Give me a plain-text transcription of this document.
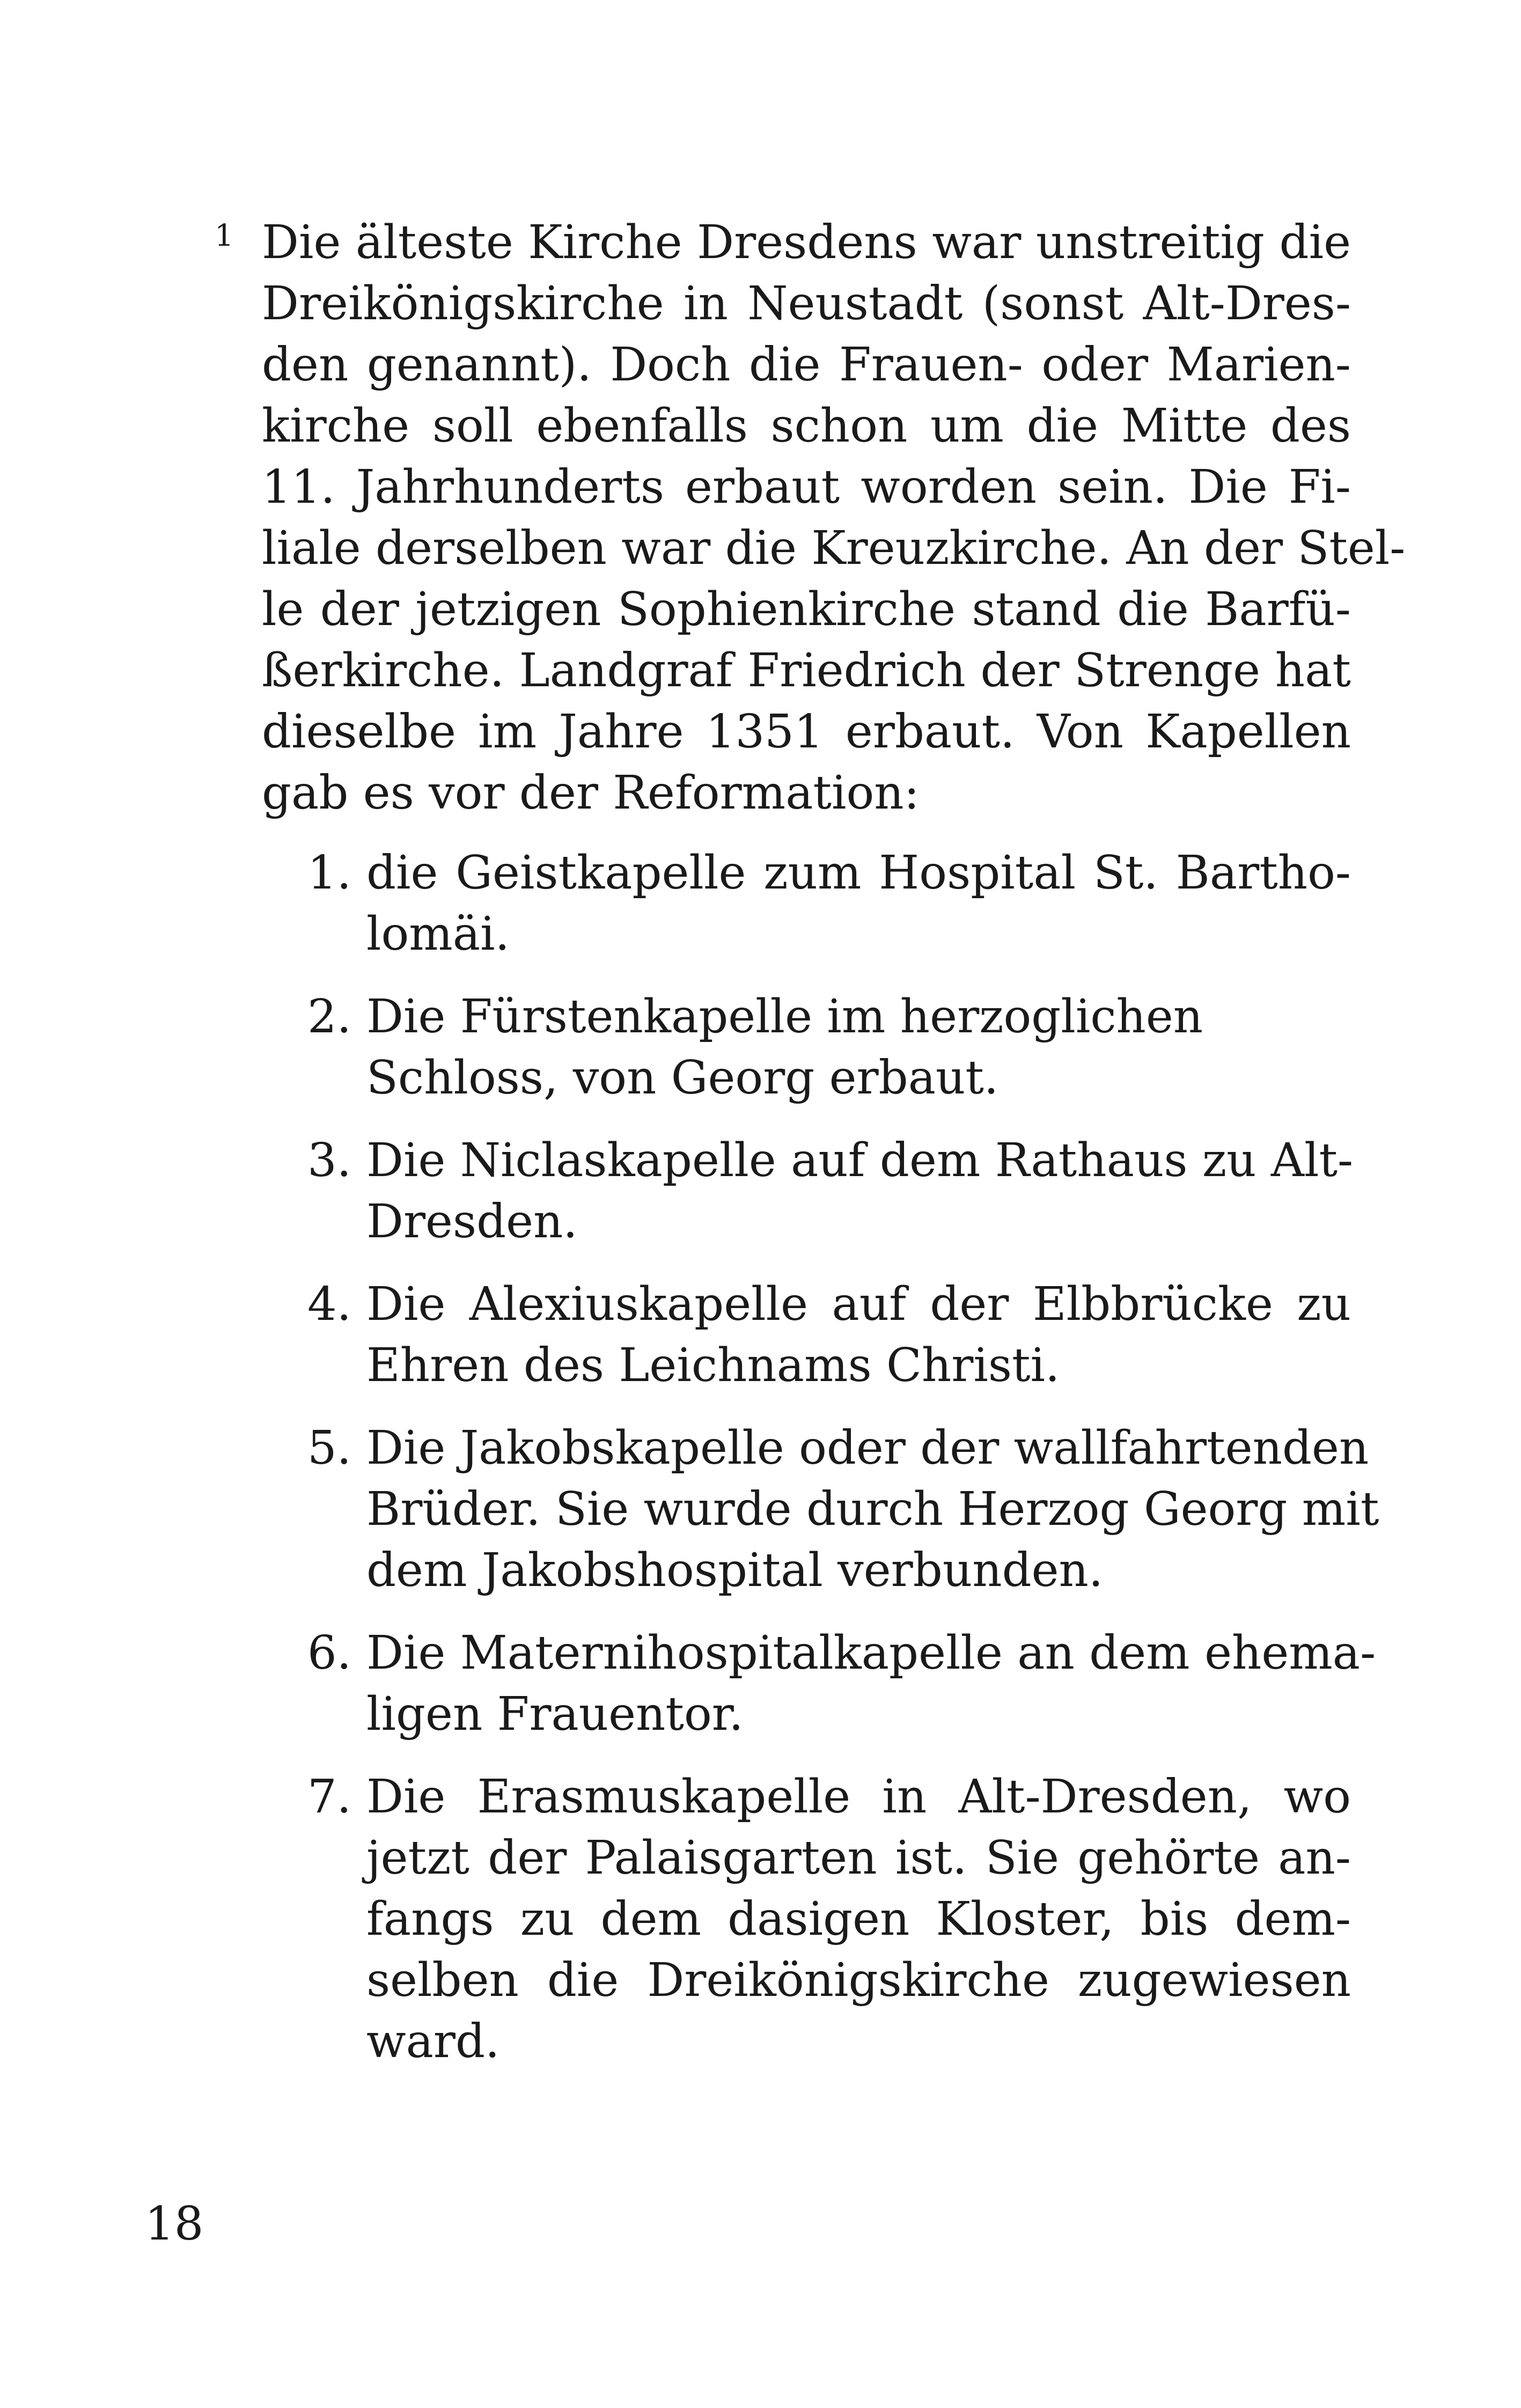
1 Die älteste Kirche Dresdens war unstreitig die
Dreikönigskirche in Neustadt (sonst Alt-Dres-
den genannt). Doch die Frauen- oder Marien-
kirche soll ebenfalls schon um die Mitte des
11. Jahrhunderts erbaut worden sein. Die Fi-
liale derselben war die Kreuzkirche. An der Stel-
le der jetzigen Sophienkirche stand die Barfü-
ßerkirche. Landgraf Friedrich der Strenge hat
dieselbe im Jahre 1351 erbaut. Von Kapellen
gab es vor der Reformation:
1. die Geistkapelle zum Hospital St. Bartho-
lomäi.
2. Die Fürstenkapelle im herzoglichen
Schloss, von Georg erbaut.
3. Die Niclaskapelle auf dem Rathaus zu Alt-
Dresden.
4. Die Alexiuskapelle auf der Elbbrücke zu
Ehren des Leichnams Christi.
5. Die Jakobskapelle oder der wallfahrtenden
Brüder. Sie wurde durch Herzog Georg mit
dem Jakobshospital verbunden.
6. Die Maternihospitalkapelle an dem ehema-
ligen Frauentor.
7. Die Erasmuskapelle in Alt-Dresden, wo
jetzt der Palaisgarten ist. Sie gehörte an-
fangs zu dem dasigen Kloster, bis dem-
selben die Dreikönigskirche zugewiesen
ward.
18
